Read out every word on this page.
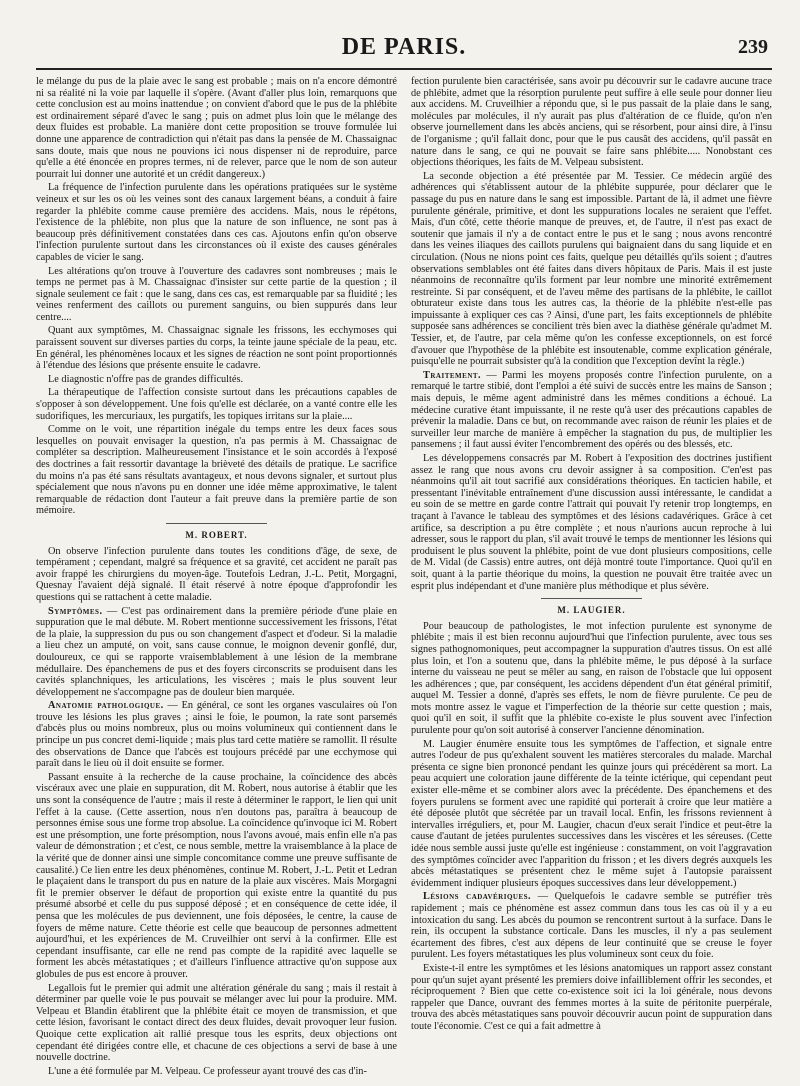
DE PARIS.	239

le mélange du pus de la plaie avec le sang est probable ; mais on n'a encore démontré ni sa réalité ni la voie par laquelle il s'opère. (Avant d'aller plus loin, remarquons que cette conclusion est au moins inattendue ; on convient d'abord que le pus de la phlébite est ordinairement séparé d'avec le sang ; puis on admet plus loin que le mélange des deux fluides est probable. La manière dont cette proposition se trouve formulée lui donne une apparence de contradiction qui n'était pas dans la pensée de M. Chassaignac sans doute, mais que nous ne pouvions ici nous dispenser ni de reproduire, parce qu'elle a été énoncée en propres termes, ni de relever, parce que le nom de son auteur pourrait lui donner une autorité et un crédit dangereux.)

La fréquence de l'infection purulente dans les opérations pratiquées sur le système veineux et sur les os où les veines sont des canaux largement béans, a conduit à faire regarder la phlébite comme cause première des accidens. Mais, nous le répétons, l'existence de la phlébite, non plus que la nature de son influence, ne sont pas à beaucoup près définitivement constatées dans ces cas. Ajoutons enfin qu'on observe l'infection purulente surtout dans les circonstances où il existe des causes générales capables de vicier le sang.

Les altérations qu'on trouve à l'ouverture des cadavres sont nombreuses ; mais le temps ne permet pas à M. Chassaignac d'insister sur cette partie de la question ; il signale seulement ce fait : que le sang, dans ces cas, est remarquable par sa fluidité ; les veines renferment des caillots ou purement sanguins, ou bien suppurés dans leur centre....

Quant aux symptômes, M. Chassaignac signale les frissons, les ecchymoses qui paraissent souvent sur diverses parties du corps, la teinte jaune spéciale de la peau, etc. En général, les phénomènes locaux et les signes de réaction ne sont point proportionnés à l'étendue des lésions que présente ensuite le cadavre.

Le diagnostic n'offre pas de grandes difficultés.

La thérapeutique de l'affection consiste surtout dans les précautions capables de s'opposer à son développement. Une fois qu'elle est déclarée, on a vanté contre elle les sudorifiques, les mercuriaux, les purgatifs, les topiques irritans sur la plaie....

Comme on le voit, une répartition inégale du temps entre les deux faces sous lesquelles on pouvait envisager la question, n'a pas permis à M. Chassaignac de compléter sa description. Malheureusement l'insistance et le soin accordés à l'exposé des doctrines a fait ressortir davantage la brièveté des détails de pratique. Le sacrifice du moins n'a pas été sans résultats avantageux, et nous devons signaler, et surtout plus spécialement que nous n'avons pu en donner une idée même approximative, le talent remarquable de rédaction dont l'auteur a fait preuve dans la première partie de son mémoire.

M. ROBERT.

On observe l'infection purulente dans toutes les conditions d'âge, de sexe, de tempérament ; cependant, malgré sa fréquence et sa gravité, cet accident ne paraît pas avoir frappé les chirurgiens du moyen-âge. Toutefois Ledran, J.-L. Petit, Morgagni, Quesnay l'avaient déjà signalé. Il était réservé à notre époque d'approfondir les questions qui se rattachent à cette maladie.

Symptômes. — C'est pas ordinairement dans la première période d'une plaie en suppuration que le mal débute. M. Robert mentionne successivement les frissons, l'état de la plaie, la suppression du pus ou son changement d'aspect et d'odeur. Si la maladie a lieu chez un amputé, on voit, sans cause connue, le moignon devenir gonflé, dur, douloureux, ce qui se rapporte vraisemblablement à une lésion de la membrane médullaire. Des épanchemens de pus et des foyers circonscrits se produisent dans les cavités splanchniques, les articulations, les viscères ; mais le plus souvent leur développement ne s'accompagne pas de douleur bien marquée.

Anatomie pathologique. — En général, ce sont les organes vasculaires où l'on trouve les lésions les plus graves ; ainsi le foie, le poumon, la rate sont parsemés d'abcès plus ou moins nombreux, plus ou moins volumineux qui contiennent dans le principe un pus concret demi-liquide ; mais plus tard cette matière se ramollit. Il résulte des observations de Dance que l'abcès est toujours précédé par une ecchymose qui paraît dans le lieu où il doit ensuite se former.

Passant ensuite à la recherche de la cause prochaine, la coïncidence des abcès viscéraux avec une plaie en suppuration, dit M. Robert, nous autorise à établir que les uns sont la conséquence de l'autre ; mais il reste à déterminer le rapport, le lien qui unit l'effet à la cause. (Cette assertion, nous n'en doutons pas, paraîtra à beaucoup de personnes émise sous une forme trop absolue. La coïncidence qu'invoque ici M. Robert est une présomption, une forte présomption, nous l'avons avoué, mais enfin elle n'a pas valeur de démonstration ; et c'est, ce nous semble, mettre la vraisemblance à la place de la vérité que de donner ainsi une simple concomitance comme une preuve suffisante de causalité.) Ce lien entre les deux phénomènes, continue M. Robert, J.-L. Petit et Ledran le plaçaient dans le transport du pus en nature de la plaie aux viscères. Mais Morgagni fit le premier observer le défaut de proportion qui existe entre la quantité du pus présumé absorbé et celle du pus supposé déposé ; et en conséquence de cette idée, il pensa que les molécules de pus deviennent, une fois déposées, le centre, la cause de foyers de même nature. Cette théorie est celle que beaucoup de personnes admettent aujourd'hui, et les expériences de M. Cruveilhier ont servi à la confirmer. Elle est cependant insuffisante, car elle ne rend pas compte de la rapidité avec laquelle se forment les abcès métastatiques ; et d'ailleurs l'influence attractive qu'on suppose aux globules de pus est encore à prouver.

Legallois fut le premier qui admit une altération générale du sang ; mais il restait à déterminer par quelle voie le pus pouvait se mélanger avec lui pour la produire. MM. Velpeau et Blandin établirent que la phlébite était ce moyen de transmission, et que cette lésion, favorisant le contact direct des deux fluides, devait provoquer leur fusion. Quoique cette explication ait rallié presque tous les esprits, deux objections ont cependant été dirigées contre elle, et chacune de ces objections a servi de base à une nouvelle doctrine.

L'une a été formulée par M. Velpeau. Ce professeur ayant trouvé des cas d'in-

fection purulente bien caractérisée, sans avoir pu découvrir sur le cadavre aucune trace de phlébite, admet que la résorption purulente peut suffire à elle seule pour donner lieu aux accidens. M. Cruveilhier a répondu que, si le pus passait de la plaie dans le sang, molécules par molécules, il n'y aurait pas plus d'altération de ce fluide, qu'on n'en observe journellement dans les abcès anciens, qui se résorbent, pour ainsi dire, à l'insu de l'organisme ; qu'il fallait donc, pour que le pus causât des accidens, qu'il passât en nature dans le sang, ce qui ne pouvait se faire sans phlébite..... Nonobstant ces objections théoriques, les faits de M. Velpeau subsistent.

La seconde objection a été présentée par M. Tessier. Ce médecin argüé des adhérences qui s'établissent autour de la phlébite suppurée, pour déclarer que le passage du pus en nature dans le sang est impossible. Partant de là, il admet une fièvre purulente générale, primitive, et dont les suppurations locales ne seraient que l'effet. Mais, d'un côté, cette théorie manque de preuves, et, de l'autre, il n'est pas exact de soutenir que jamais il n'y a de contact entre le pus et le sang ; nous avons rencontré dans les veines iliaques des caillots purulens qui baignaient dans du sang liquide et en circulation. (Nous ne nions point ces faits, quelque peu détaillés qu'ils soient ; d'autres observations semblables ont été faites dans divers hôpitaux de Paris. Mais il est juste néanmoins de reconnaître qu'ils forment par leur nombre une minorité extrêmement restreinte. Si par conséquent, et de l'aveu même des partisans de la phlébite, le caillot obturateur existe dans tous les autres cas, la théorie de la phlébite n'est-elle pas impuissante à expliquer ces cas ? Ainsi, d'une part, les faits exceptionnels de phlébite supposée sans adhérences se concilient très bien avec la diathèse générale qu'admet M. Tessier, et, de l'autre, par cela même qu'on les confesse exceptionnels, on est forcé d'avouer que l'hypothèse de la phlébite est insoutenable, comme explication générale, puisqu'elle ne pourrait subsister qu'à la condition que l'exception devînt la règle.)

Traitement. — Parmi les moyens proposés contre l'infection purulente, on a remarqué le tartre stibié, dont l'emploi a été suivi de succès entre les mains de Sanson ; mais depuis, le même agent administré dans les mêmes conditions a échoué. La médecine curative étant impuissante, il ne reste qu'à user des précautions capables de prévenir la maladie. Dans ce but, on recommande avec raison de réunir les plaies et de surveiller leur marche de manière à empêcher la stagnation du pus, de multiplier les pansemens ; il faut aussi éviter l'encombrement des opérés ou des blessés, etc.

Les développemens consacrés par M. Robert à l'exposition des doctrines justifient assez le rang que nous avons cru devoir assigner à sa composition. C'en'est pas néanmoins qu'il ait tout sacrifié aux considérations théoriques. En tacticien habile, et pressentant l'inévitable entraînement d'une discussion aussi intéressante, le candidat a eu soin de se mettre en garde contre l'attrait qui pouvait l'y retenir trop longtemps, en traçant à l'avance le tableau des symptômes et des lésions cadavériques. Grâce à cet artifice, sa description a pu être complète ; et nous n'aurions aucun reproche à lui adresser, sous le rapport du plan, s'il avait trouvé le temps de mentionner les lésions qui produisent le plus souvent la phlébite, point de vue dont plusieurs compositions, celle de M. Vidal (de Cassis) entre autres, ont déjà montré toute l'importance. Quoi qu'il en soit, quant à la partie théorique du moins, la question ne pouvait être traitée avec un esprit plus indépendant et d'une manière plus méthodique et plus sévère.

M. LAUGIER.

Pour beaucoup de pathologistes, le mot infection purulente est synonyme de phlébite ; mais il est bien reconnu aujourd'hui que l'infection purulente, avec tous ses signes pathognomoniques, peut accompagner la suppuration d'autres tissus. On est allé plus loin, et l'on a soutenu que, dans la phlébite même, le pus déposé à la surface interne du vaisseau ne peut se mêler au sang, en raison de l'obstacle que lui opposent les adhérences ; que, par conséquent, les accidens dépendent d'un état général primitif, auquel M. Tessier a donné, d'après ses effets, le nom de fièvre purulente. Ce peu de mots montre assez le vague et l'imperfection de la théorie sur cette question ; mais, quoi qu'il en soit, il suffit que la phlébite co-existe le plus souvent avec l'infection purulente pour qu'on soit autorisé à conserver l'ancienne dénomination.

M. Laugier énumère ensuite tous les symptômes de l'affection, et signale entre autres l'odeur de pus qu'exhalent souvent les matières stercorales du malade. Marchal présenta ce signe bien prononcé pendant les quinze jours qui précédèrent sa mort. La peau acquiert une coloration jaune différente de la teinte ictérique, qui cependant peut exister elle-même et se combiner alors avec la précédente. Des épanchemens et des foyers purulens se forment avec une rapidité qui porterait à croire que leur matière a été déposée plutôt que sécrétée par un travail local. Enfin, les frissons reviennent à intervalles irréguliers, et, pour M. Laugier, chacun d'eux serait l'indice et peut-être la cause d'autant de jetées purulentes successives dans les viscères et les séreuses. (Cette idée nous semble aussi juste qu'elle est ingénieuse : constamment, on voit l'aggravation des symptômes coïncider avec l'apparition du frisson ; et les divers degrés auxquels les abcès métastatiques se présentent chez le même sujet à l'autopsie paraissent évidemment indiquer plusieurs époques successives dans leur développement.)

Lésions cadavériques. — Quelquefois le cadavre semble se putréfier très rapidement ; mais ce phénomène est assez commun dans tous les cas où il y a eu intoxication du sang. Les abcès du poumon se rencontrent surtout à la surface. Dans le rein, ils occupent la substance corticale. Dans les muscles, il n'y a pas seulement écartement des fibres, c'est aux dépens de leur continuité que se creuse le foyer purulent. Les foyers métastatiques les plus volumineux sont ceux du foie.

Existe-t-il entre les symptômes et les lésions anatomiques un rapport assez constant pour qu'un sujet ayant présenté les premiers doive infailliblement offrir les secondes, et réciproquement ? Bien que cette co-existence soit ici la loi générale, nous devons rappeler que Dance, ouvrant des femmes mortes à la suite de péritonite puerpérale, trouva des abcès métastatiques sans pouvoir découvrir aucun point de suppuration dans toute l'économie. C'est ce qui a fait admettre à
